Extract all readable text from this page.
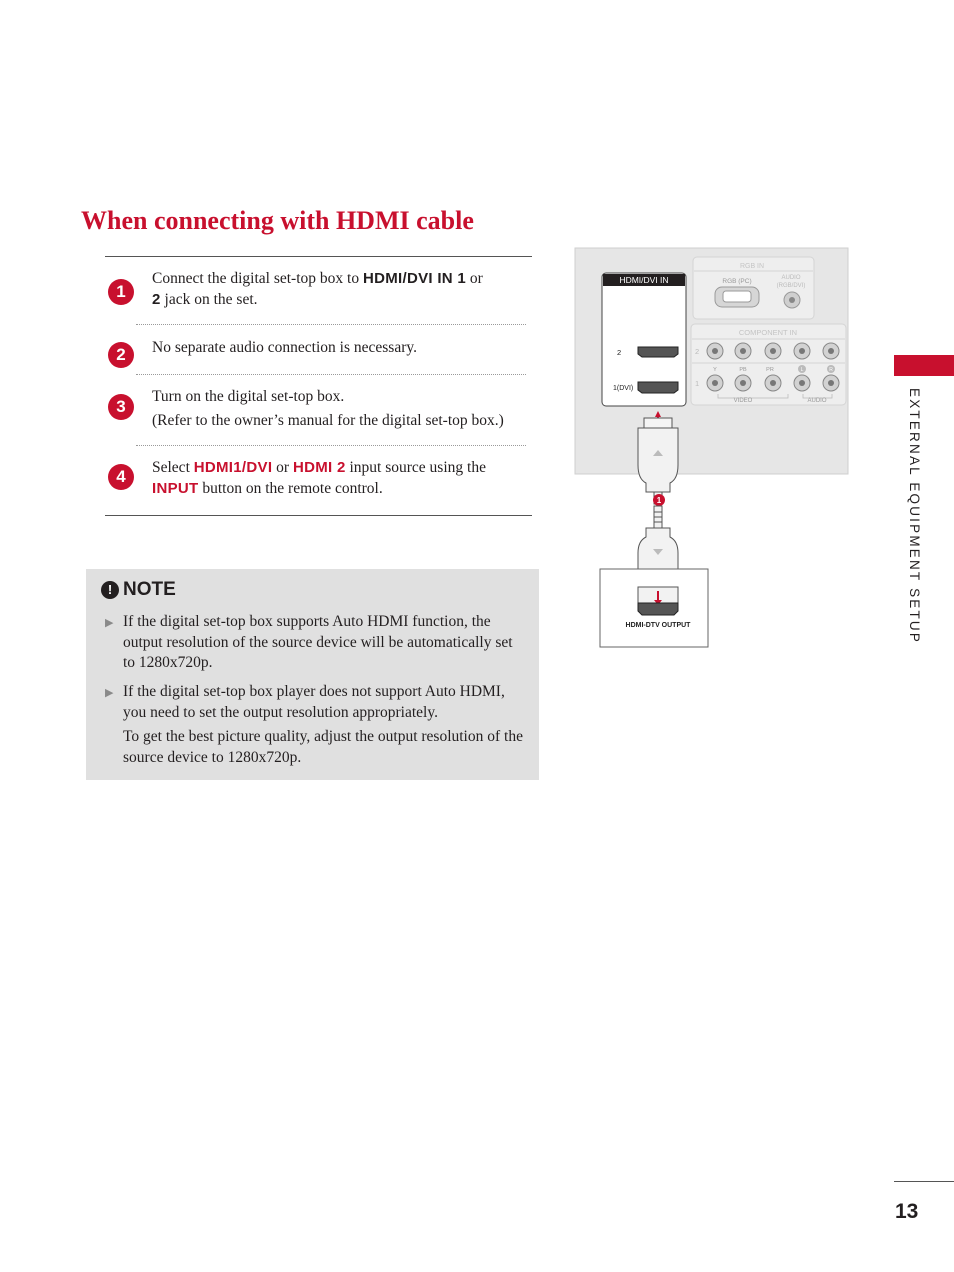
When connecting with HDMI cable
1
Connect the digital set-top box to HDMI/DVI IN 1 or
2 jack on the set.
2	No separate audio connection is necessary.
3
Turn on the digital set-top box.
(Refer to the owner’s manual for the digital set-top box.)
4	Select HDMI1/DVI or HDMI 2 input source using the
INPUT button on the remote control.
! NOTE
▶ If the digital set-top box supports Auto HDMI function, the output resolution of the source device will be automatically set to 1280x720p.
▶ If the digital set-top box player does not support Auto HDMI, you need to set the output resolution appropriately.
To get the best picture quality, adjust the output resolution of the source device to 1280x720p.
HDMI/DVI IN
2
1(DVI)
RGB IN
RGB (PC)	AUDIO
(RGB/DVI)
COMPONENT IN
2
1
Y	PB	PR	L	R
VIDEO	AUDIO
1
HDMI-DTV OUTPUT	EXTERNAL EQUIPMENT SETUP
13
